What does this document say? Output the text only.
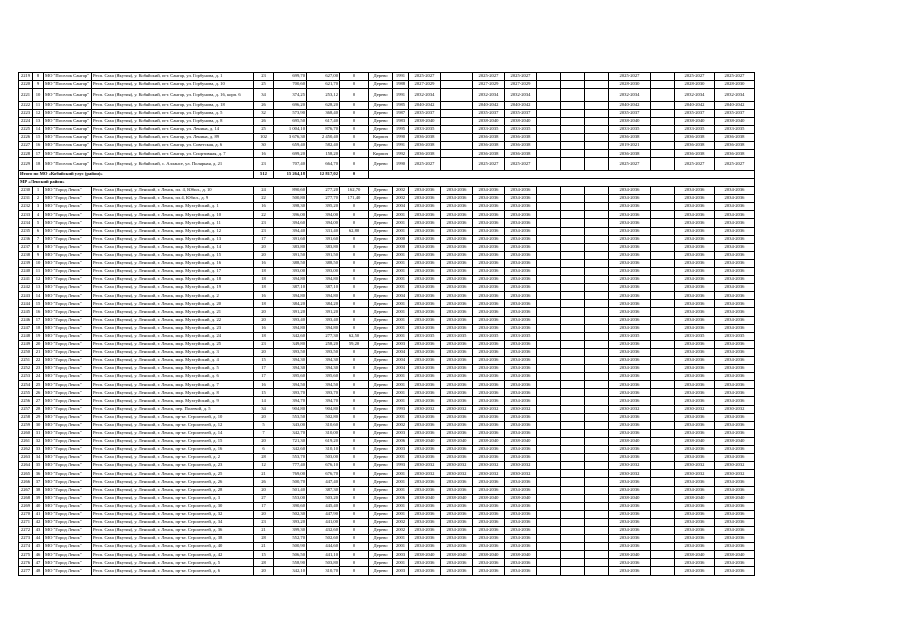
2219	8	МО "Поселок Сангар"	Респ. Саха (Якутия), у. Кобяйский, пгт. Сангар, ул. Горбунова, д. 1	23	699,70	627,00	0	Дерево	1991	2025-2027		2025-2027	2025-2027				2025-2027		2025-2027	2025-2027
2220	9	МО "Поселок Сангар"	Респ. Саха (Якутия), у. Кобяйский, пгт. Сангар, ул. Горбунова, д. 10	25	700,60	621,70	0	Дерево	1988	2027-2029		2027-2029	2027-2029				2028-2030		2028-2030	2028-2030
2221	10	МО "Поселок Сангар"	Респ. Саха (Якутия), у. Кобяйский, пгт. Сангар, ул. Горбунова, д. 16, корп. 6	34	374,25	253,12	0	Дерево	1991	2032-2034		2032-2034	2032-2034				2032-2034		2032-2034	2032-2034
2222	11	МО "Поселок Сангар"	Респ. Саха (Якутия), у. Кобяйский, пгт. Сангар, ул. Горбунова, д. 18	26	696,20	628,20	0	Дерево	1985	2040-2042		2040-2042	2040-2042				2040-2042		2040-2042	2040-2042
2223	12	МО "Поселок Сангар"	Респ. Саха (Якутия), у. Кобяйский, пгт. Сангар, ул. Горбунова, д. 5	32	573,90	368,40	0	Дерево	1987	2035-2037		2035-2037	2035-2037				2035-2037		2035-2037	2035-2037
2224	13	МО "Поселок Сангар"	Респ. Саха (Якутия), у. Кобяйский, пгт. Сангар, ул. Горбунова, д. 8	26	695,50	617,40	0	Дерево	1983	2038-2040		2038-2040	2038-2040				2038-2040		2038-2040	2038-2040
2225	14	МО "Поселок Сангар"	Респ. Саха (Якутия), у. Кобяйский, пгт. Сангар, ул. Ленина, д. 14	25	1 004,10	876,70	0	Дерево	1995	2033-2035		2033-2035	2033-2035				2033-2035		2033-2035	2033-2035
2226	15	МО "Поселок Сангар"	Респ. Саха (Якутия), у. Кобяйский, пгт. Сангар, ул. Ленина, д. 89	102	3 676,30	2 450,40	0	Кирпич	1990	2036-2038		2036-2038	2036-2038				2036-2038		2036-2038	2036-2038
2227	16	МО "Поселок Сангар"	Респ. Саха (Якутия), у. Кобяйский, пгт. Сангар, ул. Советская, д. 6	30	659,40	582,40	0	Дерево	1991	2036-2038		2036-2038	2036-2038				2019-2021		2036-2038	2036-2038
2228	17	МО "Поселок Сангар"	Респ. Саха (Якутия), у. Кобяйский, пгт. Сангар, ул. Спортивная, д. 7	16	699,20	158,20	0	Кирпич	1992	2036-2038		2036-2038	2036-2038				2036-2038		2036-2038	2036-2038
2229	18	МО "Поселок Сангар"	Респ. Саха (Якутия), у. Кобяйский, с. Аллансе, ул. Полярная, д. 21	23	707,40	664,70	0	Дерево	1990	2025-2027		2025-2027	2025-2027				2025-2027		2025-2027	2025-2027
Итого по МО «Кобяйский улус (район)»				512	15 264,18	12 817,02	0													
МР «Ленский район»																				
2230	1	МО "Город Ленск"	Респ. Саха (Якутия), у. Ленский, г. Ленск, пл. 4, Юбил., д. 10	24	890,60	277,20	162,70	Дерево	2002	2034-2036	2034-2036	2034-2036	2034-2036				2034-2036		2034-2036	2034-2036
2231	2	МО "Город Ленск"	Респ. Саха (Якутия), у. Ленский, г. Ленск, пл.4, Юбил., д. 9	22	500,80	277,70	171,40	Дерево	2002	2034-2036	2034-2036	2034-2036	2034-2036				2034-2036		2034-2036	2034-2036
2232	3	МО "Город Ленск"	Респ. Саха (Якутия), у. Ленский, г. Ленск, мкр. Мухтуйский, д. 1	16	398,30	395,20	0	Дерево	2004	2034-2036	2034-2036	2034-2036	2034-2036				2034-2036		2034-2036	2034-2036
2233	4	МО "Город Ленск"	Респ. Саха (Якутия), у. Ленский, г. Ленск, мкр. Мухтуйский, д. 10	22	396,00	394,00	0	Дерево	2001	2034-2036	2034-2036	2034-2036	2034-2036				2034-2036		2034-2036	2034-2036
2234	5	МО "Город Ленск"	Респ. Саха (Якутия), у. Ленский, г. Ленск, мкр. Мухтуйский, д. 11	23	394,60	394,00	0	Дерево	2001	2034-2036	2034-2036	2034-2036	2034-2036				2034-2036		2034-2036	2034-2036
2235	6	МО "Город Ленск"	Респ. Саха (Якутия), у. Ленский, г. Ленск, мкр. Мухтуйский, д. 12	23	394,40	331,40	62,80	Дерево	2001	2034-2036	2034-2036	2034-2036	2034-2036				2034-2036		2034-2036	2034-2036
2236	7	МО "Город Ленск"	Респ. Саха (Якутия), у. Ленский, г. Ленск, мкр. Мухтуйский, д. 13	17	391,60	391,60	0	Дерево	2000	2034-2036	2034-2036	2034-2036	2034-2036				2034-2036		2034-2036	2034-2036
2237	8	МО "Город Ленск"	Респ. Саха (Якутия), у. Ленский, г. Ленск, мкр. Мухтуйский, д. 14	20	383,80	383,80	0	Дерево	2000	2034-2036	2034-2036	2034-2036	2034-2036				2034-2036		2034-2036	2034-2036
2238	9	МО "Город Ленск"	Респ. Саха (Якутия), у. Ленский, г. Ленск, мкр. Мухтуйский, д. 15	20	391,50	391,50	0	Дерево	2001	2034-2036	2034-2036	2034-2036	2034-2036				2034-2036		2034-2036	2034-2036
2239	10	МО "Город Ленск"	Респ. Саха (Якутия), у. Ленский, г. Ленск, мкр. Мухтуйский, д. 16	16	388,50	388,50	0	Дерево	2001	2034-2036	2034-2036	2034-2036	2034-2036				2034-2036		2034-2036	2034-2036
2240	11	МО "Город Ленск"	Респ. Саха (Якутия), у. Ленский, г. Ленск, мкр. Мухтуйский, д. 17	18	393,00	393,00	0	Дерево	2001	2034-2036	2034-2036	2034-2036	2034-2036				2034-2036		2034-2036	2034-2036
2241	12	МО "Город Ленск"	Респ. Саха (Якутия), у. Ленский, г. Ленск, мкр. Мухтуйский, д. 18	18	394,80	394,80	0	Дерево	2001	2034-2036	2034-2036	2034-2036	2034-2036				2034-2036		2034-2036	2034-2036
2242	13	МО "Город Ленск"	Респ. Саха (Якутия), у. Ленский, г. Ленск, мкр. Мухтуйский, д. 19	18	387,10	387,10	0	Дерево	2001	2034-2036	2034-2036	2034-2036	2034-2036				2034-2036		2034-2036	2034-2036
2243	14	МО "Город Ленск"	Респ. Саха (Якутия), у. Ленский, г. Ленск, мкр. Мухтуйский, д. 2	16	394,80	394,80	0	Дерево	2004	2034-2036	2034-2036	2034-2036	2034-2036				2034-2036		2034-2036	2034-2036
2244	15	МО "Город Ленск"	Респ. Саха (Якутия), у. Ленский, г. Ленск, мкр. Мухтуйский, д. 20	18	384,20	384,20	0	Дерево	2001	2034-2036	2034-2036	2034-2036	2034-2036				2034-2036		2034-2036	2034-2036
2245	16	МО "Город Ленск"	Респ. Саха (Якутия), у. Ленский, г. Ленск, мкр. Мухтуйский, д. 21	20	391,20	391,20	0	Дерево	2001	2034-2036	2034-2036	2034-2036	2034-2036				2034-2036		2034-2036	2034-2036
2246	17	МО "Город Ленск"	Респ. Саха (Якутия), у. Ленский, г. Ленск, мкр. Мухтуйский, д. 22	20	393,40	393,40	0	Дерево	2001	2034-2036	2034-2036	2034-2036	2034-2036				2034-2036		2034-2036	2034-2036
2247	18	МО "Город Ленск"	Респ. Саха (Якутия), у. Ленский, г. Ленск, мкр. Мухтуйский, д. 23	16	394,80	394,80	0	Дерево	2001	2034-2036	2034-2036	2034-2036	2034-2036				2034-2036		2034-2036	2034-2036
2248	19	МО "Город Ленск"	Респ. Саха (Якутия), у. Ленский, г. Ленск, мкр. Мухтуйский, д. 24	18	342,60	277,30	62,50	Дерево	2001	2033-2035	2033-2035	2033-2035	2033-2035				2033-2035		2033-2035	2033-2035
2249	20	МО "Город Ленск"	Респ. Саха (Якутия), у. Ленский, г. Ленск, мкр. Мухтуйский, д. 25	23	349,80	258,20	59,20	Дерево	2003	2034-2036	2034-2036	2034-2036	2034-2036				2034-2036		2034-2036	2034-2036
2250	21	МО "Город Ленск"	Респ. Саха (Якутия), у. Ленский, г. Ленск, мкр. Мухтуйский, д. 3	20	393,50	393,50	0	Дерево	2004	2034-2036	2034-2036	2034-2036	2034-2036				2034-2036		2034-2036	2034-2036
2251	22	МО "Город Ленск"	Респ. Саха (Якутия), у. Ленский, г. Ленск, мкр. Мухтуйский, д. 4	15	394,30	394,30	0	Дерево	2004	2034-2036	2034-2036	2034-2036	2034-2036				2034-2036		2034-2036	2034-2036
2252	23	МО "Город Ленск"	Респ. Саха (Якутия), у. Ленский, г. Ленск, мкр. Мухтуйский, д. 5	17	394,30	394,30	0	Дерево	2004	2034-2036	2034-2036	2034-2036	2034-2036				2034-2036		2034-2036	2034-2036
2253	24	МО "Город Ленск"	Респ. Саха (Якутия), у. Ленский, г. Ленск, мкр. Мухтуйский, д. 6	17	395,60	395,60	0	Дерево	2001	2034-2036	2034-2036	2034-2036	2034-2036				2034-2036		2034-2036	2034-2036
2254	25	МО "Город Ленск"	Респ. Саха (Якутия), у. Ленский, г. Ленск, мкр. Мухтуйский, д. 7	16	394,50	394,50	0	Дерево	2001	2034-2036	2034-2036	2034-2036	2034-2036				2034-2036		2034-2036	2034-2036
2255	26	МО "Город Ленск"	Респ. Саха (Якутия), у. Ленский, г. Ленск, мкр. Мухтуйский, д. 8	15	393,70	393,70	0	Дерево	2001	2034-2036	2034-2036	2034-2036	2034-2036				2034-2036		2034-2036	2034-2036
2256	27	МО "Город Ленск"	Респ. Саха (Якутия), у. Ленский, г. Ленск, мкр. Мухтуйский, д. 9	14	394,70	394,70	0	Дерево	2001	2034-2036	2034-2036	2034-2036	2034-2036				2034-2036		2034-2036	2034-2036
2257	28	МО "Город Ленск"	Респ. Саха (Якутия), у. Ленский, г. Ленск, пер. Полевой, д. 5	34	904,80	904,80	0	Дерево	1993	2030-2032	2030-2032	2030-2032	2030-2032				2030-2032		2030-2032	2030-2032
2258	29	МО "Город Ленск"	Респ. Саха (Якутия), у. Ленский, г. Ленск, пр-кт. Строителей, д. 10	20	553,50	502,80	0	Дерево	2001	2034-2036	2034-2036	2034-2036	2034-2036				2034-2036		2034-2036	2034-2036
2259	30	МО "Город Ленск"	Респ. Саха (Якутия), у. Ленский, г. Ленск, пр-кт. Строителей, д. 12	5	343,00	310,60	0	Дерево	2002	2034-2036	2034-2036	2034-2036	2034-2036				2034-2036		2034-2036	2034-2036
2260	31	МО "Город Ленск"	Респ. Саха (Якутия), у. Ленский, г. Ленск, пр-кт. Строителей, д. 14	7	342,70	310,00	0	Дерево	2003	2034-2036	2034-2036	2034-2036	2034-2036				2034-2036		2034-2036	2034-2036
2261	32	МО "Город Ленск"	Респ. Саха (Якутия), у. Ленский, г. Ленск, пр-кт. Строителей, д. 15	20	721,30	619,20	0	Дерево	2006	2038-2040	2038-2040	2038-2040	2038-2040				2038-2040		2038-2040	2038-2040
2262	33	МО "Город Ленск"	Респ. Саха (Якутия), у. Ленский, г. Ленск, пр-кт. Строителей, д. 16	6	342,60	310,10	0	Дерево	2003	2034-2036	2034-2036	2034-2036	2034-2036				2034-2036		2034-2036	2034-2036
2263	34	МО "Город Ленск"	Респ. Саха (Якутия), у. Ленский, г. Ленск, пр-кт. Строителей, д. 2	28	553,70	503,00	0	Дерево	2001	2034-2036	2034-2036	2034-2036	2034-2036				2034-2036		2034-2036	2034-2036
2264	35	МО "Город Ленск"	Респ. Саха (Якутия), у. Ленский, г. Ленск, пр-кт. Строителей, д. 23	12	777,40	676,10	0	Дерево	1993	2030-2032	2030-2032	2030-2032	2030-2032				2030-2032		2030-2032	2030-2032
2265	36	МО "Город Ленск"	Респ. Саха (Якутия), у. Ленский, г. Ленск, пр-кт. Строителей, д. 25	21	769,00	676,70	0	Дерево	2001	2030-2032	2030-2032	2030-2032	2030-2032				2030-2032		2030-2032	2030-2032
2266	37	МО "Город Ленск"	Респ. Саха (Якутия), у. Ленский, г. Ленск, пр-кт. Строителей, д. 26	26	500,70	447,40	0	Дерево	2001	2034-2036	2034-2036	2034-2036	2034-2036				2034-2036		2034-2036	2034-2036
2267	38	МО "Город Ленск"	Респ. Саха (Якутия), у. Ленский, г. Ленск, пр-кт. Строителей, д. 28	20	501,40	387,30	0	Дерево	2001	2034-2036	2034-2036	2034-2036	2034-2036				2034-2036		2034-2036	2034-2036
2268	39	МО "Город Ленск"	Респ. Саха (Якутия), у. Ленский, г. Ленск, пр-кт. Строителей, д. 3	27	553,00	503,20	0	Дерево	2006	2038-2040	2038-2040	2038-2040	2038-2040				2038-2040		2038-2040	2038-2040
2269	40	МО "Город Ленск"	Респ. Саха (Якутия), у. Ленский, г. Ленск, пр-кт. Строителей, д. 30	17	390,60	445,40	0	Дерево	2001	2034-2036	2034-2036	2034-2036	2034-2036				2034-2036		2034-2036	2034-2036
2270	41	МО "Город Ленск"	Респ. Саха (Якутия), у. Ленский, г. Ленск, пр-кт. Строителей, д. 32	20	502,30	447,90	0	Дерево	2001	2034-2036	2034-2036	2034-2036	2034-2036				2034-2036		2034-2036	2034-2036
2271	42	МО "Город Ленск"	Респ. Саха (Якутия), у. Ленский, г. Ленск, пр-кт. Строителей, д. 34	23	393,20	441,00	0	Дерево	2002	2034-2036	2034-2036	2034-2036	2034-2036				2034-2036		2034-2036	2034-2036
2272	43	МО "Город Ленск"	Респ. Саха (Якутия), у. Ленский, г. Ленск, пр-кт. Строителей, д. 36	21	399,30	432,60	0	Дерево	2002	2034-2036	2034-2036	2034-2036	2034-2036				2034-2036		2034-2036	2034-2036
2273	44	МО "Город Ленск"	Респ. Саха (Якутия), у. Ленский, г. Ленск, пр-кт. Строителей, д. 38	28	552,70	502,60	0	Дерево	2001	2034-2036	2034-2036	2034-2036	2034-2036				2034-2036		2034-2036	2034-2036
2274	45	МО "Город Ленск"	Респ. Саха (Якутия), у. Ленский, г. Ленск, пр-кт. Строителей, д. 40	21	500,90	444,60	0	Дерево	2001	2034-2036	2034-2036	2034-2036	2034-2036				2034-2036		2034-2036	2034-2036
2275	46	МО "Город Ленск"	Респ. Саха (Якутия), у. Ленский, г. Ленск, пр-кт. Строителей, д. 42	15	506,50	441,10	0	Дерево	2003	2038-2040	2038-2040	2038-2040	2038-2040				2038-2040		2038-2040	2038-2040
2276	47	МО "Город Ленск"	Респ. Саха (Якутия), у. Ленский, г. Ленск, пр-кт. Строителей, д. 5	28	558,90	503,80	0	Дерево	2001	2034-2036	2034-2036	2034-2036	2034-2036				2034-2036		2034-2036	2034-2036
2277	48	МО "Город Ленск"	Респ. Саха (Якутия), у. Ленский, г. Ленск, пр-кт. Строителей, д. 6	20	342,10	310,70	0	Дерево	2003	2034-2036	2034-2036	2034-2036	2034-2036				2034-2036		2034-2036	2034-2036
